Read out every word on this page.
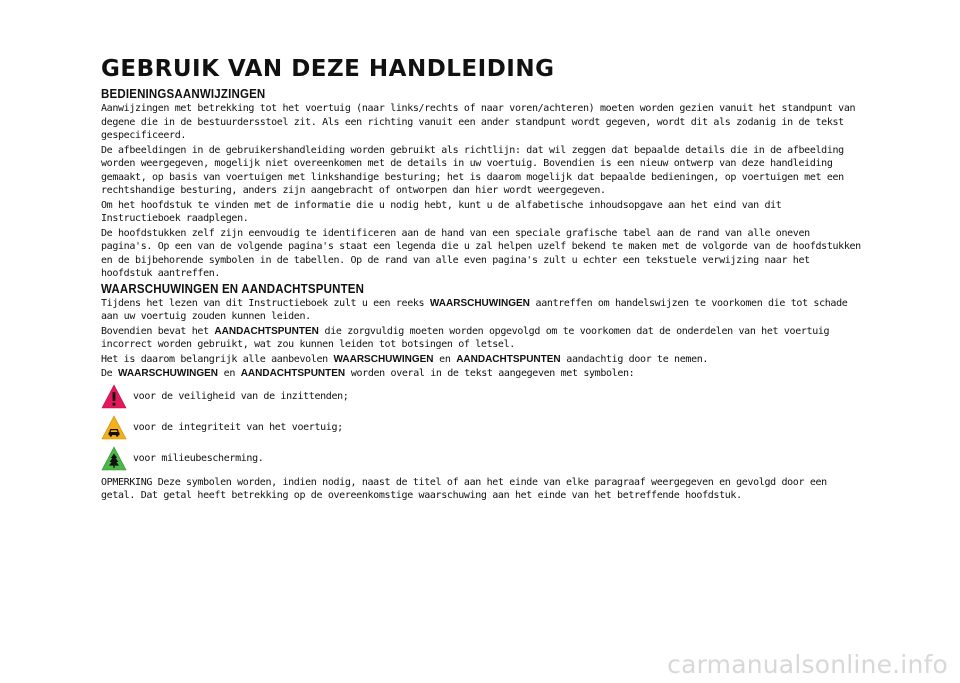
GEBRUIK VAN DEZE HANDLEIDING
BEDIENINGSAANWIJZINGEN

Aanwijzingen met betrekking tot het voertuig (naar links/rechts of naar voren/achteren) moeten worden gezien vanuit het standpunt van degene die in de bestuurdersstoel zit. Als een richting vanuit een ander standpunt wordt gegeven, wordt dit als zodanig in de tekst gespecificeerd.

De afbeeldingen in de gebruikershandleiding worden gebruikt als richtlijn: dat wil zeggen dat bepaalde details die in de afbeelding worden weergegeven, mogelijk niet overeenkomen met de details in uw voertuig. Bovendien is een nieuw ontwerp van deze handleiding gemaakt, op basis van voertuigen met linkshandige besturing; het is daarom mogelijk dat bepaalde bedieningen, op voertuigen met een rechtshandige besturing, anders zijn aangebracht of ontworpen dan hier wordt weergegeven.

Om het hoofdstuk te vinden met de informatie die u nodig hebt, kunt u de alfabetische inhoudsopgave aan het eind van dit Instructieboek raadplegen.

De hoofdstukken zelf zijn eenvoudig te identificeren aan de hand van een speciale grafische tabel aan de rand van alle oneven pagina's. Op een van de volgende pagina's staat een legenda die u zal helpen uzelf bekend te maken met de volgorde van de hoofdstukken en de bijbehorende symbolen in de tabellen. Op de rand van alle even pagina's zult u echter een tekstuele verwijzing naar het hoofdstuk aantreffen.

WAARSCHUWINGEN EN AANDACHTSPUNTEN

Tijdens het lezen van dit Instructieboek zult u een reeks WAARSCHUWINGEN aantreffen om handelswijzen te voorkomen die tot schade aan uw voertuig zouden kunnen leiden.

Bovendien bevat het AANDACHTSPUNTEN die zorgvuldig moeten worden opgevolgd om te voorkomen dat de onderdelen van het voertuig incorrect worden gebruikt, wat zou kunnen leiden tot botsingen of letsel.

Het is daarom belangrijk alle aanbevolen WAARSCHUWINGEN en AANDACHTSPUNTEN aandachtig door te nemen.

De WAARSCHUWINGEN en AANDACHTSPUNTEN worden overal in de tekst aangegeven met symbolen:

voor de veiligheid van de inzittenden;
voor de integriteit van het voertuig;
voor milieubescherming.

OPMERKING Deze symbolen worden, indien nodig, naast de titel of aan het einde van elke paragraaf weergegeven en gevolgd door een getal. Dat getal heeft betrekking op de overeenkomstige waarschuwing aan het einde van het betreffende hoofdstuk.

carmanualsonline.info
